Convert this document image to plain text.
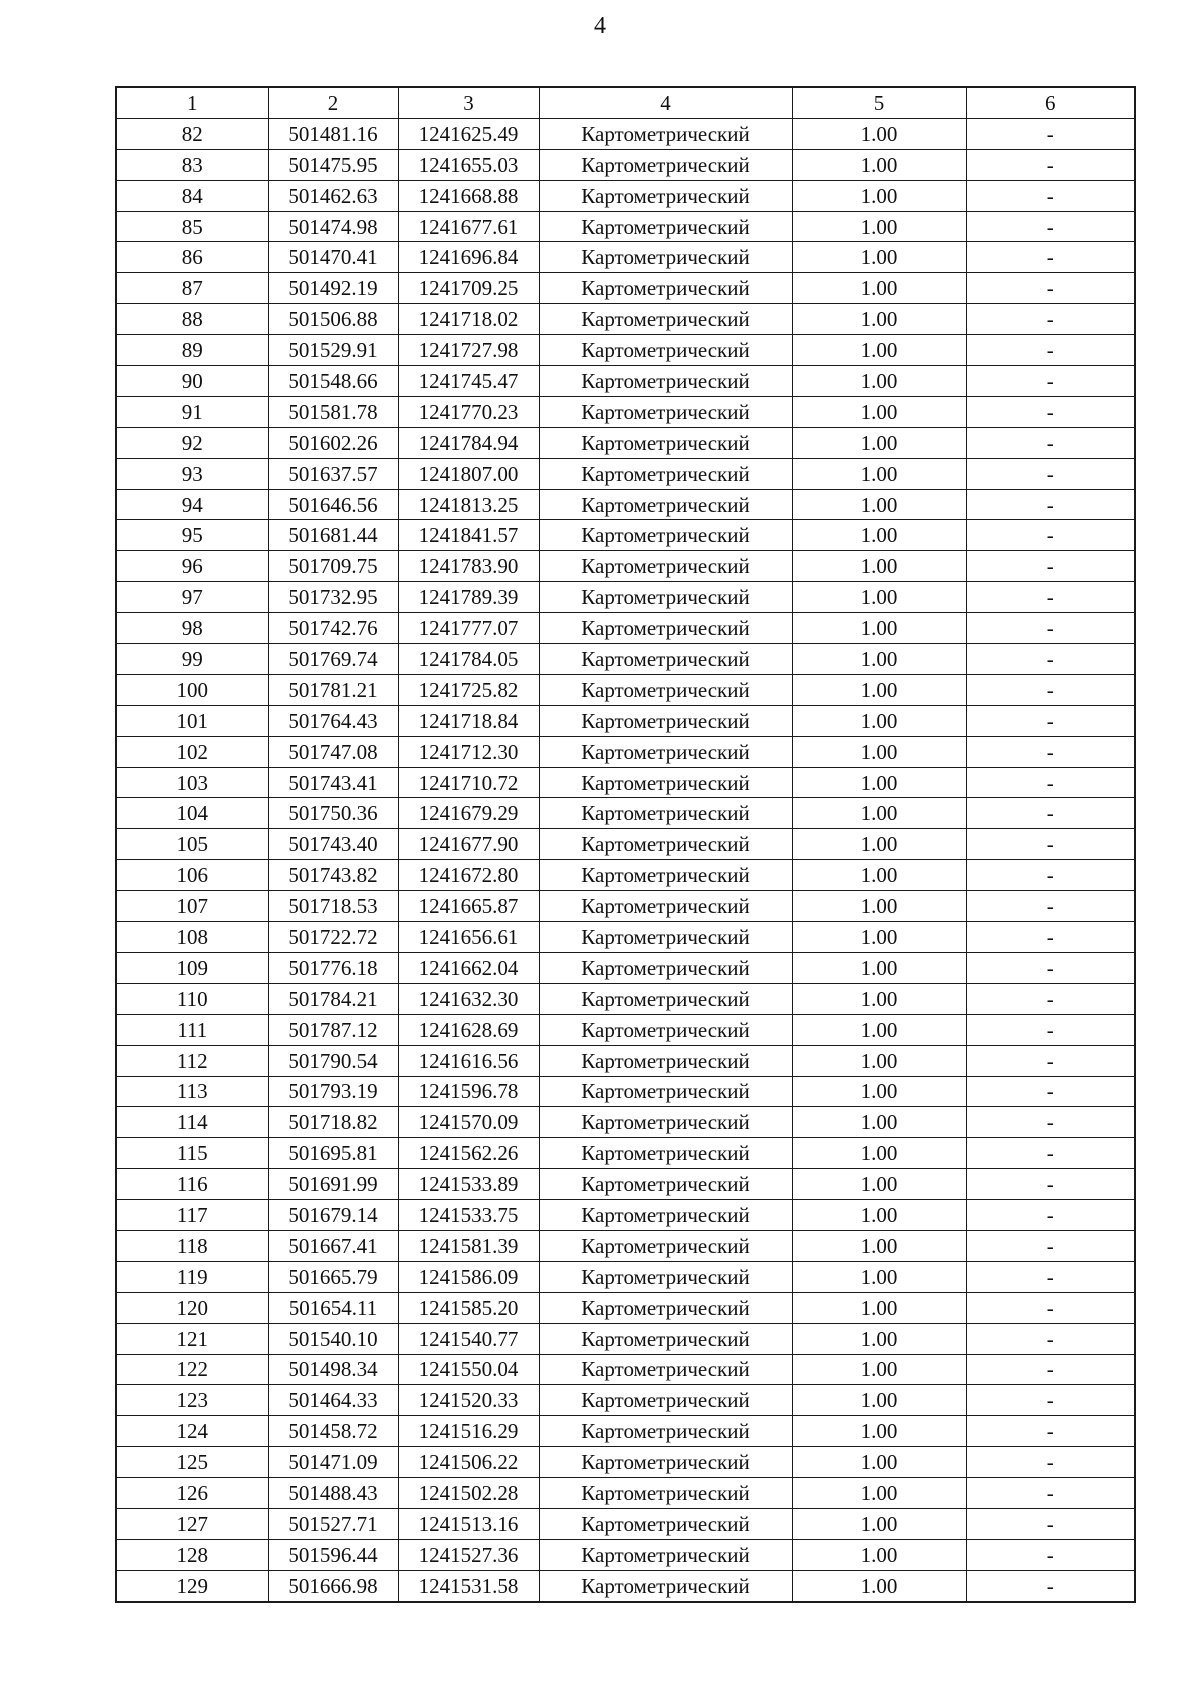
4
1	2	3	4	5	6
82	501481.16	1241625.49	Картометрический	1.00	-
83	501475.95	1241655.03	Картометрический	1.00	-
84	501462.63	1241668.88	Картометрический	1.00	-
85	501474.98	1241677.61	Картометрический	1.00	-
86	501470.41	1241696.84	Картометрический	1.00	-
87	501492.19	1241709.25	Картометрический	1.00	-
88	501506.88	1241718.02	Картометрический	1.00	-
89	501529.91	1241727.98	Картометрический	1.00	-
90	501548.66	1241745.47	Картометрический	1.00	-
91	501581.78	1241770.23	Картометрический	1.00	-
92	501602.26	1241784.94	Картометрический	1.00	-
93	501637.57	1241807.00	Картометрический	1.00	-
94	501646.56	1241813.25	Картометрический	1.00	-
95	501681.44	1241841.57	Картометрический	1.00	-
96	501709.75	1241783.90	Картометрический	1.00	-
97	501732.95	1241789.39	Картометрический	1.00	-
98	501742.76	1241777.07	Картометрический	1.00	-
99	501769.74	1241784.05	Картометрический	1.00	-
100	501781.21	1241725.82	Картометрический	1.00	-
101	501764.43	1241718.84	Картометрический	1.00	-
102	501747.08	1241712.30	Картометрический	1.00	-
103	501743.41	1241710.72	Картометрический	1.00	-
104	501750.36	1241679.29	Картометрический	1.00	-
105	501743.40	1241677.90	Картометрический	1.00	-
106	501743.82	1241672.80	Картометрический	1.00	-
107	501718.53	1241665.87	Картометрический	1.00	-
108	501722.72	1241656.61	Картометрический	1.00	-
109	501776.18	1241662.04	Картометрический	1.00	-
110	501784.21	1241632.30	Картометрический	1.00	-
111	501787.12	1241628.69	Картометрический	1.00	-
112	501790.54	1241616.56	Картометрический	1.00	-
113	501793.19	1241596.78	Картометрический	1.00	-
114	501718.82	1241570.09	Картометрический	1.00	-
115	501695.81	1241562.26	Картометрический	1.00	-
116	501691.99	1241533.89	Картометрический	1.00	-
117	501679.14	1241533.75	Картометрический	1.00	-
118	501667.41	1241581.39	Картометрический	1.00	-
119	501665.79	1241586.09	Картометрический	1.00	-
120	501654.11	1241585.20	Картометрический	1.00	-
121	501540.10	1241540.77	Картометрический	1.00	-
122	501498.34	1241550.04	Картометрический	1.00	-
123	501464.33	1241520.33	Картометрический	1.00	-
124	501458.72	1241516.29	Картометрический	1.00	-
125	501471.09	1241506.22	Картометрический	1.00	-
126	501488.43	1241502.28	Картометрический	1.00	-
127	501527.71	1241513.16	Картометрический	1.00	-
128	501596.44	1241527.36	Картометрический	1.00	-
129	501666.98	1241531.58	Картометрический	1.00	-
